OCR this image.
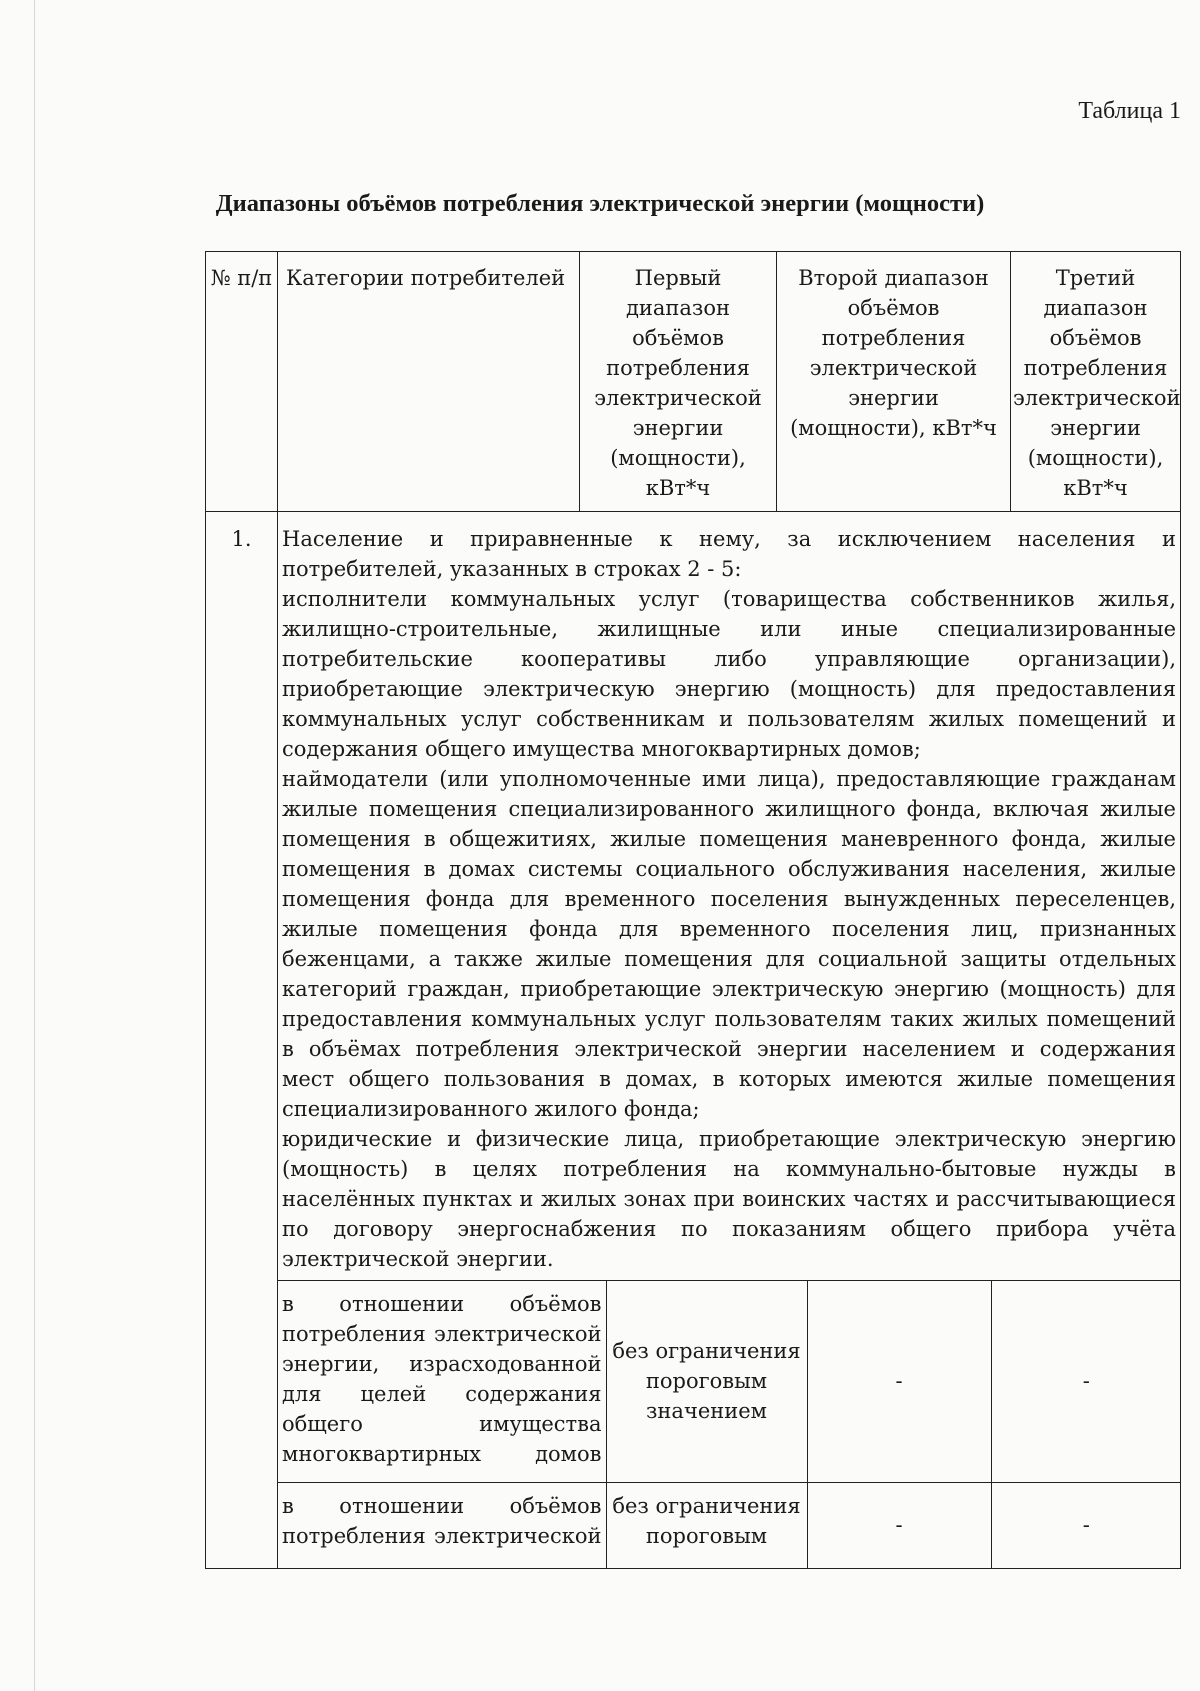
Таблица 1
Диапазоны объёмов потребления электрической энергии (мощности)
№ п/п	Категории потребителей	Первый диапазон объёмов потребления электрической энергии (мощности), кВт*ч	Второй диапазон объёмов потребления электрической энергии (мощности), кВт*ч	Третий диапазон объёмов потребления электрической энергии (мощности), кВт*ч
1.	Население и приравненные к нему, за исключением населения и потребителей, указанных в строках 2 - 5:

исполнители коммунальных услуг (товарищества собственников жилья, жилищно-строительные, жилищные или иные специализированные потребительские кооперативы либо управляющие организации), приобретающие электрическую энергию (мощность) для предоставления коммунальных услуг собственникам и пользователям жилых помещений и содержания общего имущества многоквартирных домов;

наймодатели (или уполномоченные ими лица), предоставляющие гражданам жилые помещения специализированного жилищного фонда, включая жилые помещения в общежитиях, жилые помещения маневренного фонда, жилые помещения в домах системы социального обслуживания населения, жилые помещения фонда для временного поселения вынужденных переселенцев, жилые помещения фонда для временного поселения лиц, признанных беженцами, а также жилые помещения для социальной защиты отдельных категорий граждан, приобретающие электрическую энергию (мощность) для предоставления коммунальных услуг пользователям таких жилых помещений в объёмах потребления электрической энергии населением и содержания мест общего пользования в домах, в которых имеются жилые помещения специализированного жилого фонда;

юридические и физические лица, приобретающие электрическую энергию (мощность) в целях потребления на коммунально-бытовые нужды в населённых пунктах и жилых зонах при воинских частях и рассчитывающиеся по договору энергоснабжения по показаниям общего прибора учёта электрической энергии.

в отношении объёмов потребления электрической энергии, израсходованной для целей содержания общего имущества многоквартирных домов	без ограничения пороговым значением	-	-
в отношении объёмов потребления электрической	без ограничения пороговым	-	-
